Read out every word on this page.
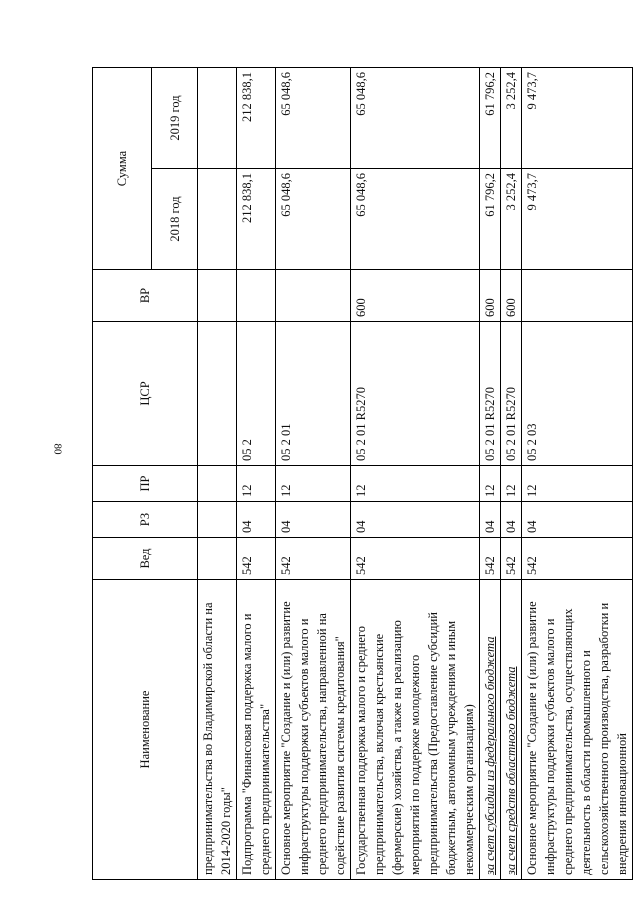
80
Наименование	Вед	РЗ	ПР	ЦСР	ВР	Сумма	
						2018 год	2019 год
предпринимательства во Владимирской области на 2014-2020 годы"							
Подпрограмма "Финансовая поддержка малого и среднего предпринимательства"	542	04	12	05 2		212 838,1	212 838,1
Основное мероприятие "Создание и (или) развитие инфраструктуры поддержки субъектов малого и среднего предпринимательства, направленной на содействие развития системы кредитования"	542	04	12	05 2 01		65 048,6	65 048,6
Государственная поддержка малого и среднего предпринимательства, включая крестьянские (фермерские) хозяйства, а также на реализацию мероприятий по поддержке молодежного предпринимательства (Предоставление субсидий бюджетным, автономным учреждениям и иным некоммерческим организациям)	542	04	12	05 2 01 R5270	600	65 048,6	65 048,6
за счет субсидии из федерального бюджета	542	04	12	05 2 01 R5270	600	61 796,2	61 796,2
за счет средств областного бюджета	542	04	12	05 2 01 R5270	600	3 252,4	3 252,4
Основное мероприятие "Создание и (или) развитие инфраструктуры поддержки субъектов малого и среднего предпринимательства, осуществляющих деятельность в области промышленного и сельскохозяйственного производства, разработки и внедрения инновационной	542	04	12	05 2 03		9 473,7	9 473,7
